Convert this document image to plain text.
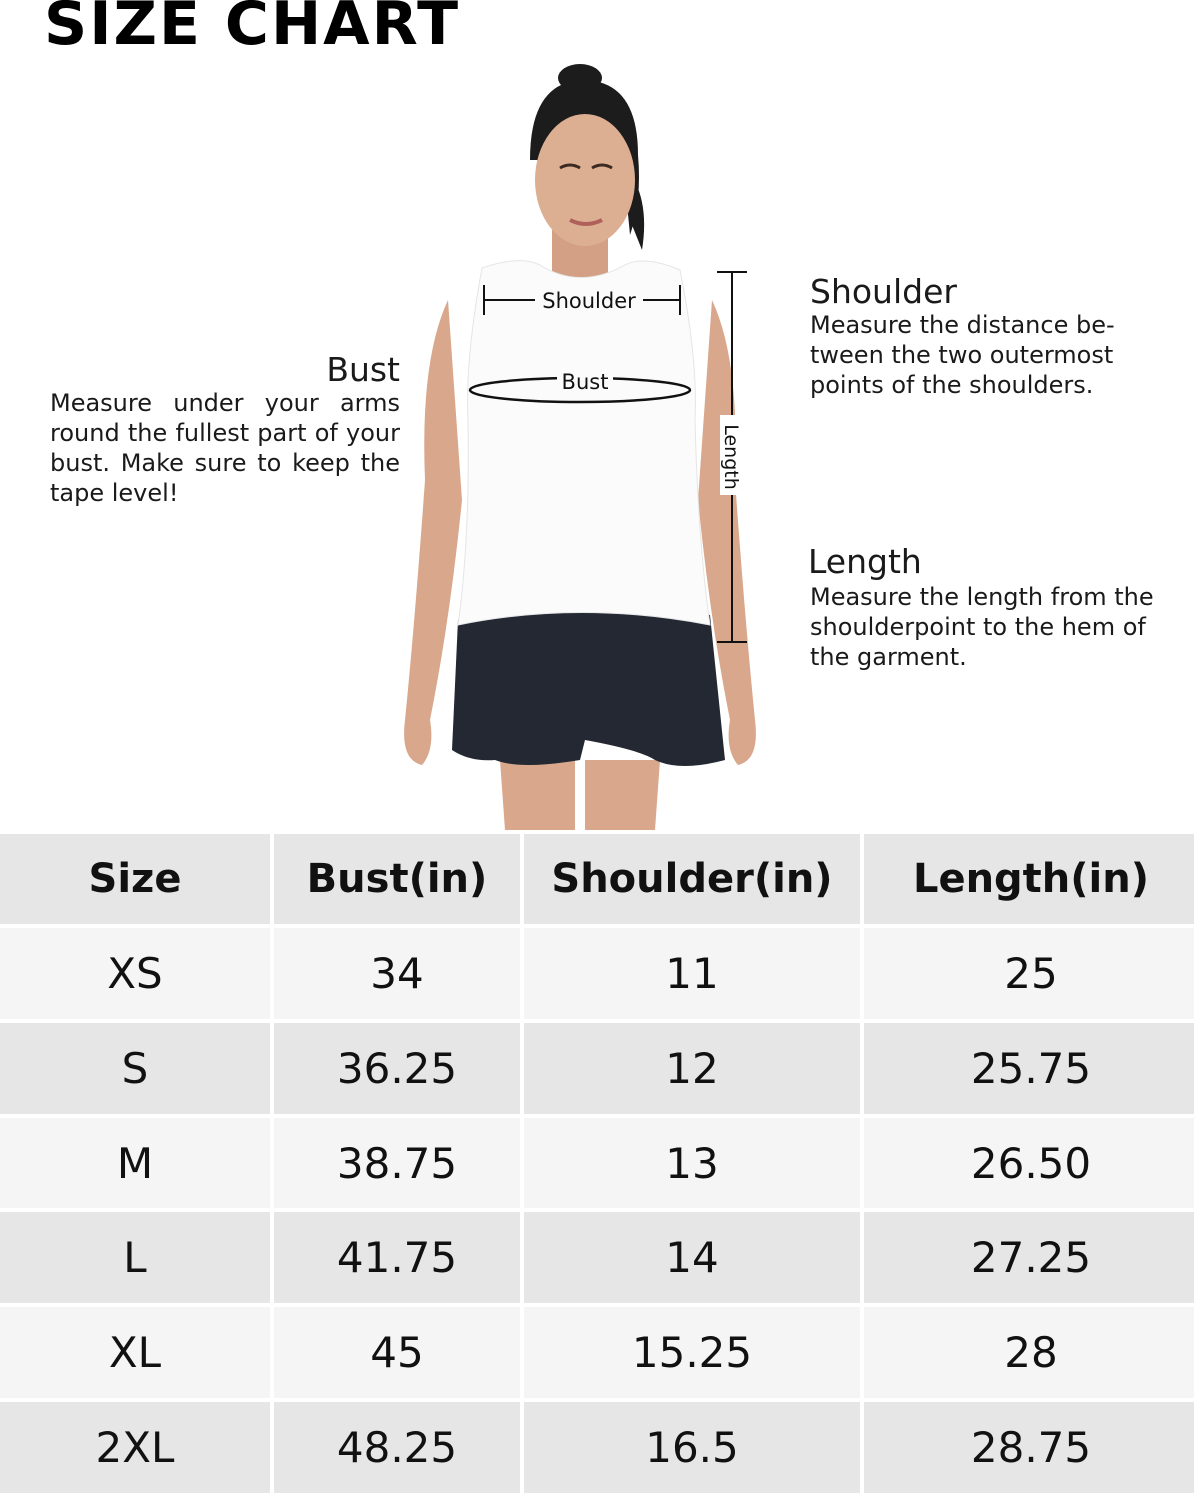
SIZE CHART
Shoulder
Bust
Length

Bust

Measure under your arms round the fullest part of your bust. Make sure to keep the tape level!

Shoulder

Measure the distance be-tween the two outermost points of the shoulders.

Length

Measure the length from the shoulderpoint to the hem of the garment.

Size	Bust(in)	Shoulder(in)	Length(in)
XS	34	11	25
S	36.25	12	25.75
M	38.75	13	26.50
L	41.75	14	27.25
XL	45	15.25	28
2XL	48.25	16.5	28.75
